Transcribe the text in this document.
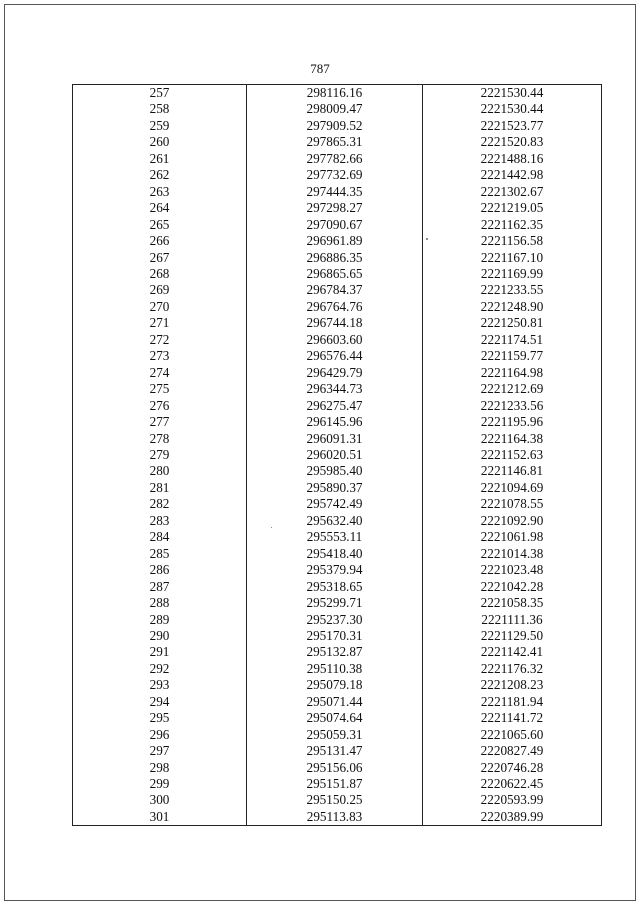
787
257	298116.16	2221530.44
258	298009.47	2221530.44
259	297909.52	2221523.77
260	297865.31	2221520.83
261	297782.66	2221488.16
262	297732.69	2221442.98
263	297444.35	2221302.67
264	297298.27	2221219.05
265	297090.67	2221162.35
266	296961.89	2221156.58
267	296886.35	2221167.10
268	296865.65	2221169.99
269	296784.37	2221233.55
270	296764.76	2221248.90
271	296744.18	2221250.81
272	296603.60	2221174.51
273	296576.44	2221159.77
274	296429.79	2221164.98
275	296344.73	2221212.69
276	296275.47	2221233.56
277	296145.96	2221195.96
278	296091.31	2221164.38
279	296020.51	2221152.63
280	295985.40	2221146.81
281	295890.37	2221094.69
282	295742.49	2221078.55
283	295632.40	2221092.90
284	295553.11	2221061.98
285	295418.40	2221014.38
286	295379.94	2221023.48
287	295318.65	2221042.28
288	295299.71	2221058.35
289	295237.30	2221111.36
290	295170.31	2221129.50
291	295132.87	2221142.41
292	295110.38	2221176.32
293	295079.18	2221208.23
294	295071.44	2221181.94
295	295074.64	2221141.72
296	295059.31	2221065.60
297	295131.47	2220827.49
298	295156.06	2220746.28
299	295151.87	2220622.45
300	295150.25	2220593.99
301	295113.83	2220389.99
